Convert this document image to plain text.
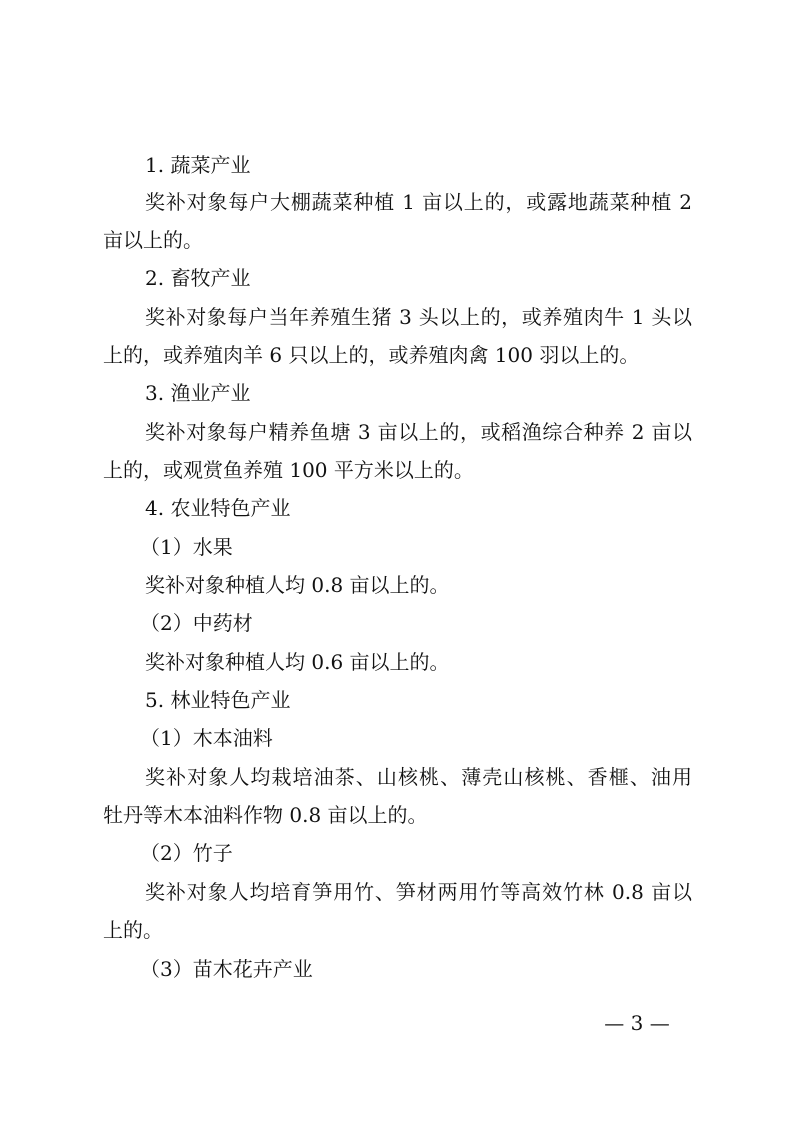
1. 蔬菜产业
奖补对象每户大棚蔬菜种植 1 亩以上的，或露地蔬菜种植 2
亩以上的。
2. 畜牧产业
奖补对象每户当年养殖生猪 3 头以上的，或养殖肉牛 1 头以
上的，或养殖肉羊 6 只以上的，或养殖肉禽 100 羽以上的。
3. 渔业产业
奖补对象每户精养鱼塘 3 亩以上的，或稻渔综合种养 2 亩以
上的，或观赏鱼养殖 100 平方米以上的。
4. 农业特色产业
（1）水果
奖补对象种植人均 0.8 亩以上的。
（2）中药材
奖补对象种植人均 0.6 亩以上的。
5. 林业特色产业
（1）木本油料
奖补对象人均栽培油茶、山核桃、薄壳山核桃、香榧、油用
牡丹等木本油料作物 0.8 亩以上的。
（2）竹子
奖补对象人均培育笋用竹、笋材两用竹等高效竹林 0.8 亩以
上的。
（3）苗木花卉产业
— 3 —
